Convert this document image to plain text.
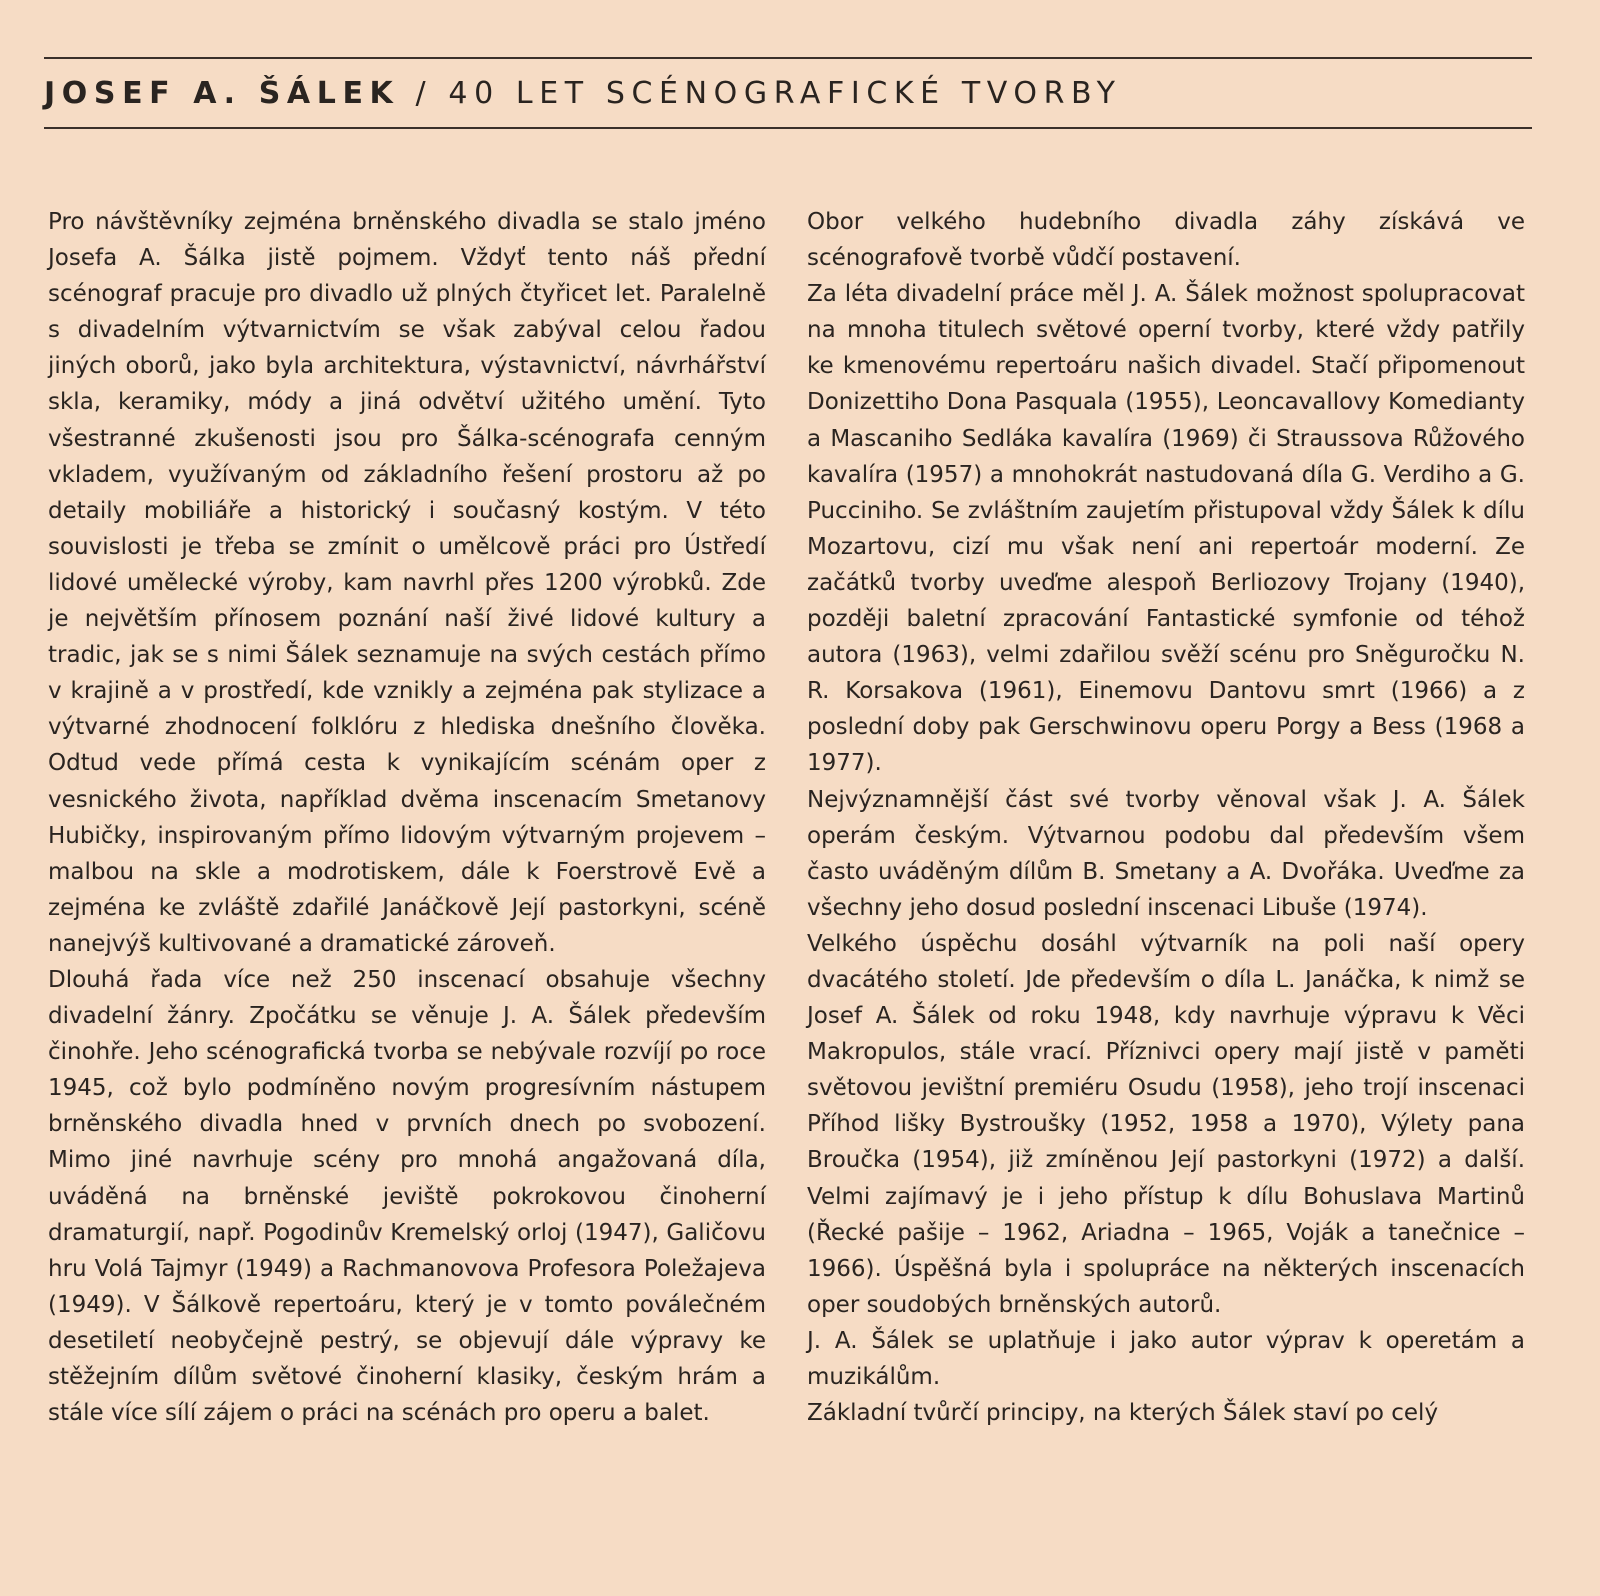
JOSEF A. ŠÁLEK / 40 LET SCÉNOGRAFICKÉ TVORBY

Pro návštěvníky zejména brněnského divadla se stalo jméno Josefa A. Šálka jistě pojmem. Vždyť tento náš přední scénograf pracuje pro divadlo už plných čtyřicet let. Paralelně s divadelním výtvarnictvím se však zabýval celou řadou jiných oborů, jako byla architektura, výstavnictví, návrhářství skla, keramiky, módy a jiná odvětví užitého umění. Tyto všestranné zkušenosti jsou pro Šálka-scénografa cenným vkladem, využívaným od základního řešení prostoru až po detaily mobiliáře a historický i současný kostým. V této souvislosti je třeba se zmínit o umělcově práci pro Ústředí lidové umělecké výroby, kam navrhl přes 1200 výrobků. Zde je největším přínosem poznání naší živé lidové kultury a tradic, jak se s nimi Šálek seznamuje na svých cestách přímo v krajině a v prostředí, kde vznikly a zejména pak stylizace a výtvarné zhodnocení folklóru z hlediska dnešního člověka. Odtud vede přímá cesta k vynikajícím scénám oper z vesnického života, například dvěma inscenacím Smetanovy Hubičky, inspirovaným přímo lidovým výtvarným projevem – malbou na skle a modrotiskem, dále k Foerstrově Evě a zejména ke zvláště zdařilé Janáčkově Její pastorkyni, scéně nanejvýš kultivované a dramatické zároveň.

Dlouhá řada více než 250 inscenací obsahuje všechny divadelní žánry. Zpočátku se věnuje J. A. Šálek především činohře. Jeho scénografická tvorba se nebývale rozvíjí po roce 1945, což bylo podmíněno novým progresívním nástupem brněnského divadla hned v prvních dnech po svobození. Mimo jiné navrhuje scény pro mnohá angažovaná díla, uváděná na brněnské jeviště pokrokovou činoherní dramaturgií, např. Pogodinův Kremelský orloj (1947), Galičovu hru Volá Tajmyr (1949) a Rachmanovova Profesora Poležajeva (1949). V Šálkově repertoáru, který je v tomto poválečném desetiletí neobyčejně pestrý, se objevují dále výpravy ke stěžejním dílům světové činoherní klasiky, českým hrám a stále více sílí zájem o práci na scénách pro operu a balet.

Obor velkého hudebního divadla záhy získává ve scénografově tvorbě vůdčí postavení.

Za léta divadelní práce měl J. A. Šálek možnost spolupracovat na mnoha titulech světové operní tvorby, které vždy patřily ke kmenovému repertoáru našich divadel. Stačí připomenout Donizettiho Dona Pasquala (1955), Leoncavallovy Komedianty a Mascaniho Sedláka kavalíra (1969) či Straussova Růžového kavalíra (1957) a mnohokrát nastudovaná díla G. Verdiho a G. Pucciniho. Se zvláštním zaujetím přistupoval vždy Šálek k dílu Mozartovu, cizí mu však není ani repertoár moderní. Ze začátků tvorby uveďme alespoň Berliozovy Trojany (1940), později baletní zpracování Fantastické symfonie od téhož autora (1963), velmi zdařilou svěží scénu pro Sněguročku N. R. Korsakova (1961), Einemovu Dantovu smrt (1966) a z poslední doby pak Gerschwinovu operu Porgy a Bess (1968 a 1977).

Nejvýznamnější část své tvorby věnoval však J. A. Šálek operám českým. Výtvarnou podobu dal především všem často uváděným dílům B. Smetany a A. Dvořáka. Uveďme za všechny jeho dosud poslední inscenaci Libuše (1974).

Velkého úspěchu dosáhl výtvarník na poli naší opery dvacátého století. Jde především o díla L. Janáčka, k nimž se Josef A. Šálek od roku 1948, kdy navrhuje výpravu k Věci Makropulos, stále vrací. Příznivci opery mají jistě v paměti světovou jevištní premiéru Osudu (1958), jeho trojí inscenaci Příhod lišky Bystroušky (1952, 1958 a 1970), Výlety pana Broučka (1954), již zmíněnou Její pastorkyni (1972) a další. Velmi zajímavý je i jeho přístup k dílu Bohuslava Martinů (Řecké pašije – 1962, Ariadna – 1965, Voják a tanečnice – 1966). Úspěšná byla i spolupráce na některých inscenacích oper soudobých brněnských autorů.

J. A. Šálek se uplatňuje i jako autor výprav k operetám a muzikálům.

Základní tvůrčí principy, na kterých Šálek staví po celý
